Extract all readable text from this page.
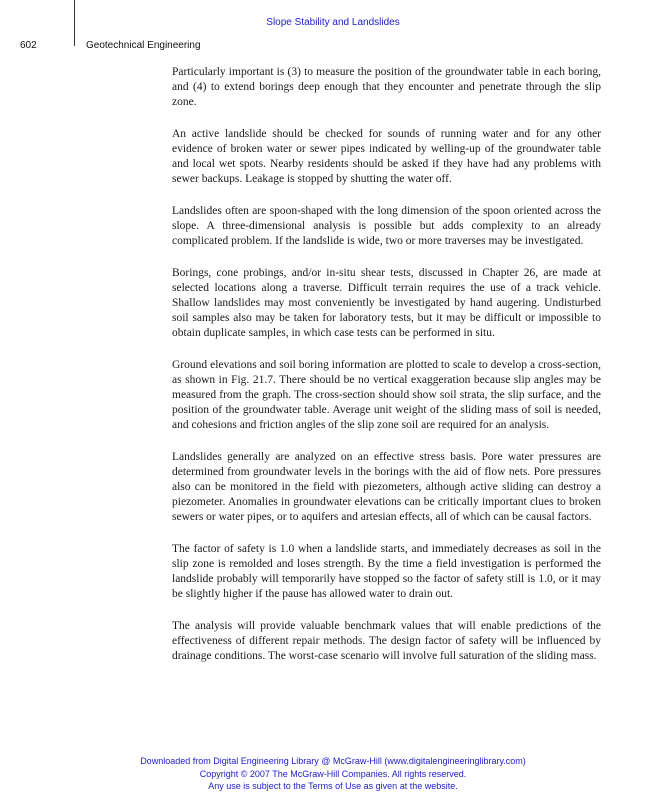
Slope Stability and Landslides
602	Geotechnical Engineering

Particularly important is (3) to measure the position of the groundwater table in each boring, and (4) to extend borings deep enough that they encounter and penetrate through the slip zone.

An active landslide should be checked for sounds of running water and for any other evidence of broken water or sewer pipes indicated by welling-up of the groundwater table and local wet spots. Nearby residents should be asked if they have had any problems with sewer backups. Leakage is stopped by shutting the water off.

Landslides often are spoon-shaped with the long dimension of the spoon oriented across the slope. A three-dimensional analysis is possible but adds complexity to an already complicated problem. If the landslide is wide, two or more traverses may be investigated.

Borings, cone probings, and/or in-situ shear tests, discussed in Chapter 26, are made at selected locations along a traverse. Difficult terrain requires the use of a track vehicle. Shallow landslides may most conveniently be investigated by hand augering. Undisturbed soil samples also may be taken for laboratory tests, but it may be difficult or impossible to obtain duplicate samples, in which case tests can be performed in situ.

Ground elevations and soil boring information are plotted to scale to develop a cross-section, as shown in Fig. 21.7. There should be no vertical exaggeration because slip angles may be measured from the graph. The cross-section should show soil strata, the slip surface, and the position of the groundwater table. Average unit weight of the sliding mass of soil is needed, and cohesions and friction angles of the slip zone soil are required for an analysis.

Landslides generally are analyzed on an effective stress basis. Pore water pressures are determined from groundwater levels in the borings with the aid of flow nets. Pore pressures also can be monitored in the field with piezometers, although active sliding can destroy a piezometer. Anomalies in groundwater elevations can be critically important clues to broken sewers or water pipes, or to aquifers and artesian effects, all of which can be causal factors.

The factor of safety is 1.0 when a landslide starts, and immediately decreases as soil in the slip zone is remolded and loses strength. By the time a field investigation is performed the landslide probably will temporarily have stopped so the factor of safety still is 1.0, or it may be slightly higher if the pause has allowed water to drain out.

The analysis will provide valuable benchmark values that will enable predictions of the effectiveness of different repair methods. The design factor of safety will be influenced by drainage conditions. The worst-case scenario will involve full saturation of the sliding mass.

Downloaded from Digital Engineering Library @ McGraw-Hill (www.digitalengineeringlibrary.com)
Copyright © 2007 The McGraw-Hill Companies. All rights reserved.
Any use is subject to the Terms of Use as given at the website.
